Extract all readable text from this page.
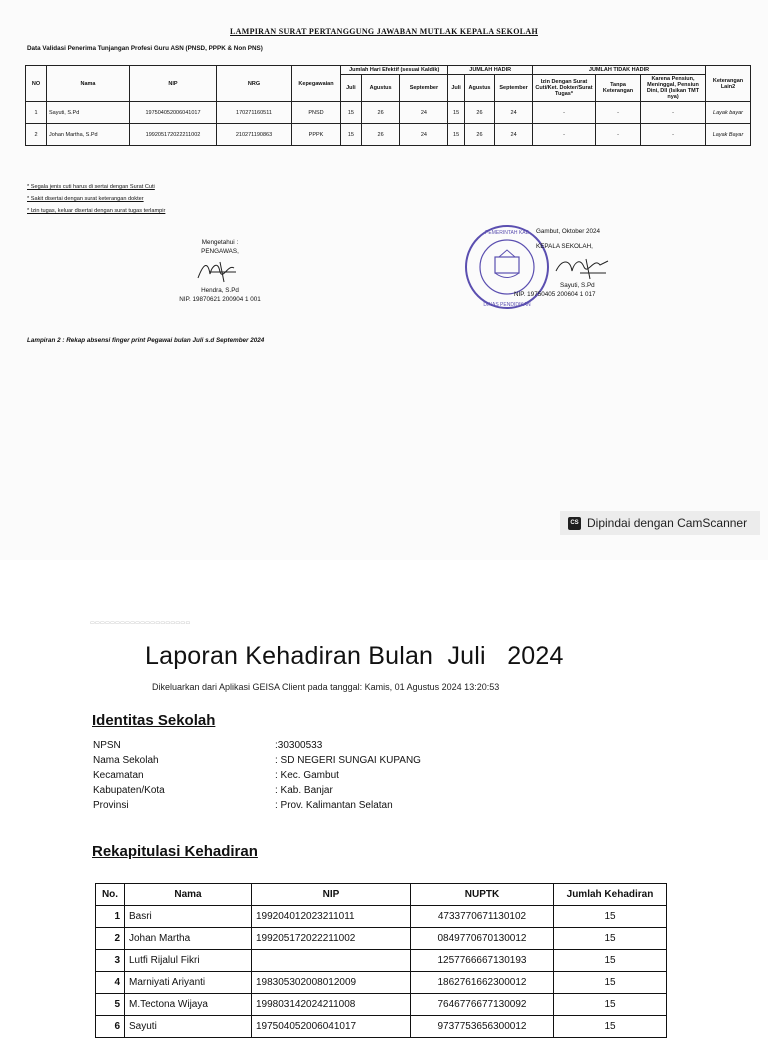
LAMPIRAN SURAT PERTANGGUNG JAWABAN MUTLAK KEPALA SEKOLAH
Data Validasi Penerima Tunjangan Profesi Guru ASN (PNSD, PPPK & Non PNS)
NO	Nama	NIP	NRG	Kepegawaian	Jumlah Hari Efektif (sesuai Kaldik)			JUMLAH HADIR			JUMLAH TIDAK HADIR			Keterangan Lain2
					Juli	Agustus	September	Juli	Agustus	September	Izin Dengan Surat Cuti/Ket. Dokter/Surat Tugas*	Tanpa Keterangan	Karena Pensiun, Meninggal, Pensiun Dini, Dll (Isikan TMT nya)	
1	Sayuti, S.Pd	197504052006041017	170271160511	PNSD	15	26	24	15	26	24	-	-	-	Layak bayar
2	Johan Martha, S.Pd	199205172022211002	210271190863	PPPK	15	26	24	15	26	24	-	-	-	Layak Bayar
* Segala jenis cuti harus di sertai dengan Surat Cuti
* Sakit disertai dengan surat keterangan dokter
* Izin tugas, keluar disertai dengan surat tugas terlampir
Mengetahui :
PENGAWAS,
Hendra, S.Pd
NIP. 19870621 200904 1 001
PEMERINTAH KAB
DINAS PENDIDIKAN
Gambut, Oktober 2024
KEPALA SEKOLAH,
Sayuti, S.Pd
NIP. 19750405 200604 1 017
Lampiran 2 : Rekap absensi finger print Pegawai bulan Juli s.d September 2024
CS Dipindai dengan CamScanner
▭▭▭▭▭▭▭▭▭▭▭▭▭▭▭▭▭▭▭▭
Laporan Kehadiran Bulan  Juli   2024
Dikeluarkan dari Aplikasi GEISA Client pada tanggal: Kamis, 01 Agustus 2024 13:20:53
Identitas Sekolah
NPSN	:30300533
Nama Sekolah	: SD NEGERI SUNGAI KUPANG
Kecamatan	: Kec. Gambut
Kabupaten/Kota	: Kab. Banjar
Provinsi	: Prov. Kalimantan Selatan
Rekapitulasi Kehadiran
No.	Nama	NIP	NUPTK	Jumlah Kehadiran
1	Basri	199204012023211011	4733770671130102	15
2	Johan Martha	199205172022211002	0849770670130012	15
3	Lutfi Rijalul Fikri		1257766667130193	15
4	Marniyati Ariyanti	198305302008012009	1862761662300012	15
5	M.Tectona Wijaya	199803142024211008	7646776677130092	15
6	Sayuti	197504052006041017	9737753656300012	15
